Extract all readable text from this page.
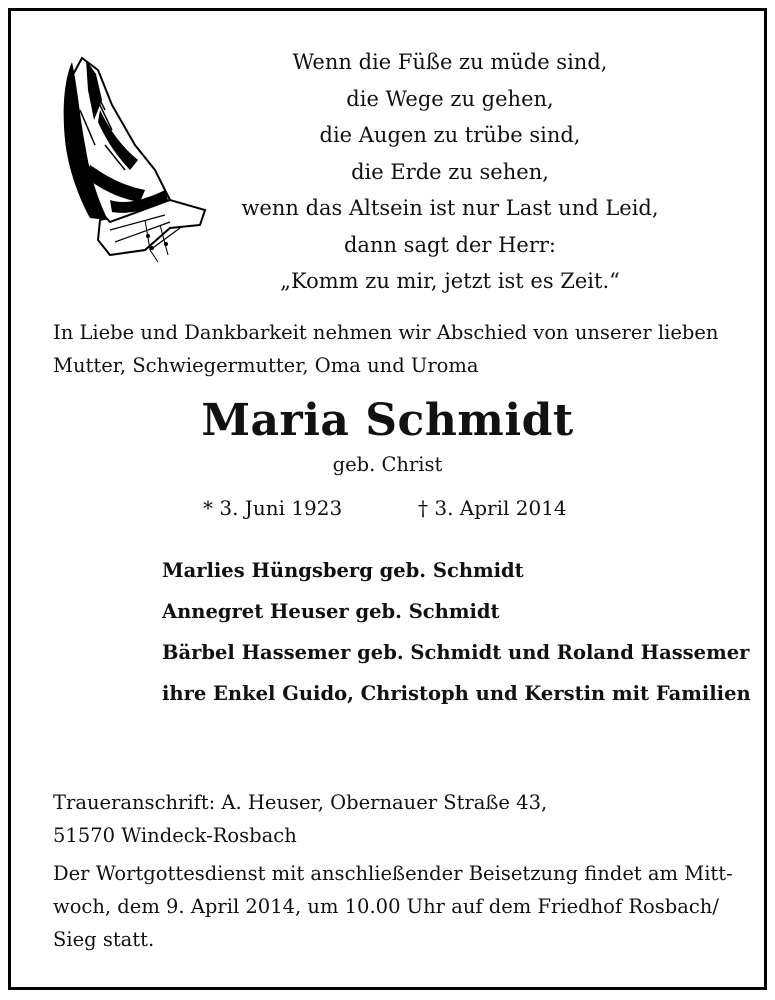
Wenn die Füße zu müde sind,
die Wege zu gehen,
die Augen zu trübe sind,
die Erde zu sehen,
wenn das Altsein ist nur Last und Leid,
dann sagt der Herr:
„Komm zu mir, jetzt ist es Zeit.“
In Liebe und Dankbarkeit nehmen wir Abschied von unserer lieben
Mutter, Schwiegermutter, Oma und Uroma
Maria Schmidt
geb. Christ
* 3. Juni 1923	† 3. April 2014
Marlies Hüngsberg geb. Schmidt
Annegret Heuser geb. Schmidt
Bärbel Hassemer geb. Schmidt und Roland Hassemer
ihre Enkel Guido, Christoph und Kerstin mit Familien
Traueranschrift: A. Heuser, Obernauer Straße 43,
51570 Windeck-Rosbach
Der Wortgottesdienst mit anschließender Beisetzung findet am Mitt-
woch, dem 9. April 2014, um 10.00 Uhr auf dem Friedhof Rosbach/
Sieg statt.
